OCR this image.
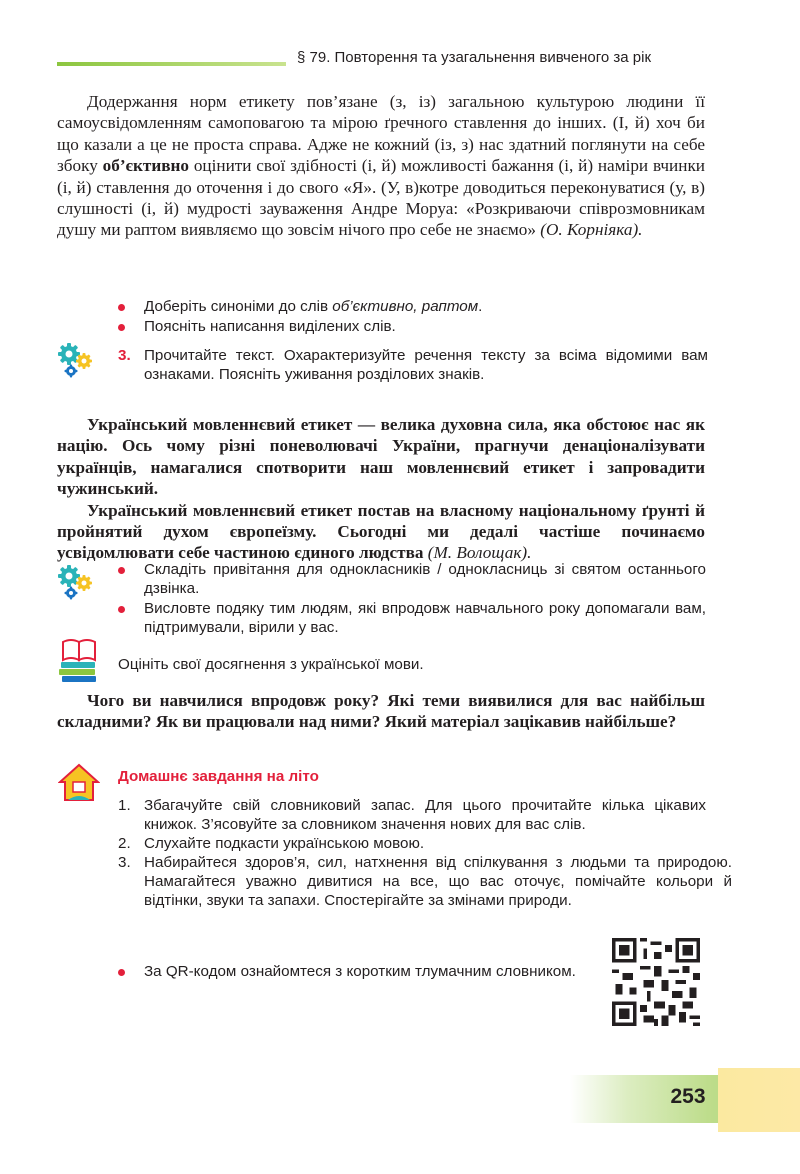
§ 79. Повторення та узагальнення вивченого за рік

Додержання норм етикету пов’язане (з, із) загальною культурою людини її самоусвідомленням самоповагою та мірою ґречного ставлення до інших. (І, й) хоч би що казали а це не проста справа. Адже не кожний (із, з) нас здатний поглянути на себе збоку об’єктивно оцінити свої здібності (і, й) можливості бажання (і, й) наміри вчинки (і, й) ставлення до оточення і до свого «Я». (У, в)котре доводиться переконуватися (у, в) слушності (і, й) мудрості зауваження Андре Моруа: «Розкриваючи співрозмовникам душу ми раптом виявляємо що зовсім нічого про себе не знаємо» (О. Корніяка).

Доберіть синоніми до слів об’єктивно, раптом.
Поясніть написання виділених слів.
3. Прочитайте текст. Охарактеризуйте речення тексту за всіма відомими вам ознаками. Поясніть уживання розділових знаків.

Український мовленнєвий етикет — велика духовна сила, яка обстоює нас як націю. Ось чому різні поневолювачі України, прагнучи денаціоналізувати українців, намагалися спотворити наш мовленнєвий етикет і запровадити чужинський.

Український мовленнєвий етикет постав на власному національному ґрунті й пройнятий духом європеїзму. Сьогодні ми дедалі частіше починаємо усвідомлювати себе частиною єдиного людства (М. Волощак).

Складіть привітання для однокласників / однокласниць зі святом останнього дзвінка.
Висловте подяку тим людям, які впродовж навчального року допомагали вам, підтримували, вірили у вас.
Оцініть свої досягнення з української мови.

Чого ви навчилися впродовж року? Які теми виявилися для вас найбільш складними? Як ви працювали над ними? Який матеріал зацікавив найбільше?

Домашнє завдання на літо
1. Збагачуйте свій словниковий запас. Для цього прочитайте кілька цікавих книжок. З’ясовуйте за словником значення нових для вас слів.
2. Слухайте подкасти українською мовою.
3. Набирайтеся здоров’я, сил, натхнення від спілкування з людьми та природою. Намагайтеся уважно дивитися на все, що вас оточує, помічайте кольори й відтінки, звуки та запахи. Спостерігайте за змінами природи.
За QR-кодом ознайомтеся з коротким тлумачним словником.
253
